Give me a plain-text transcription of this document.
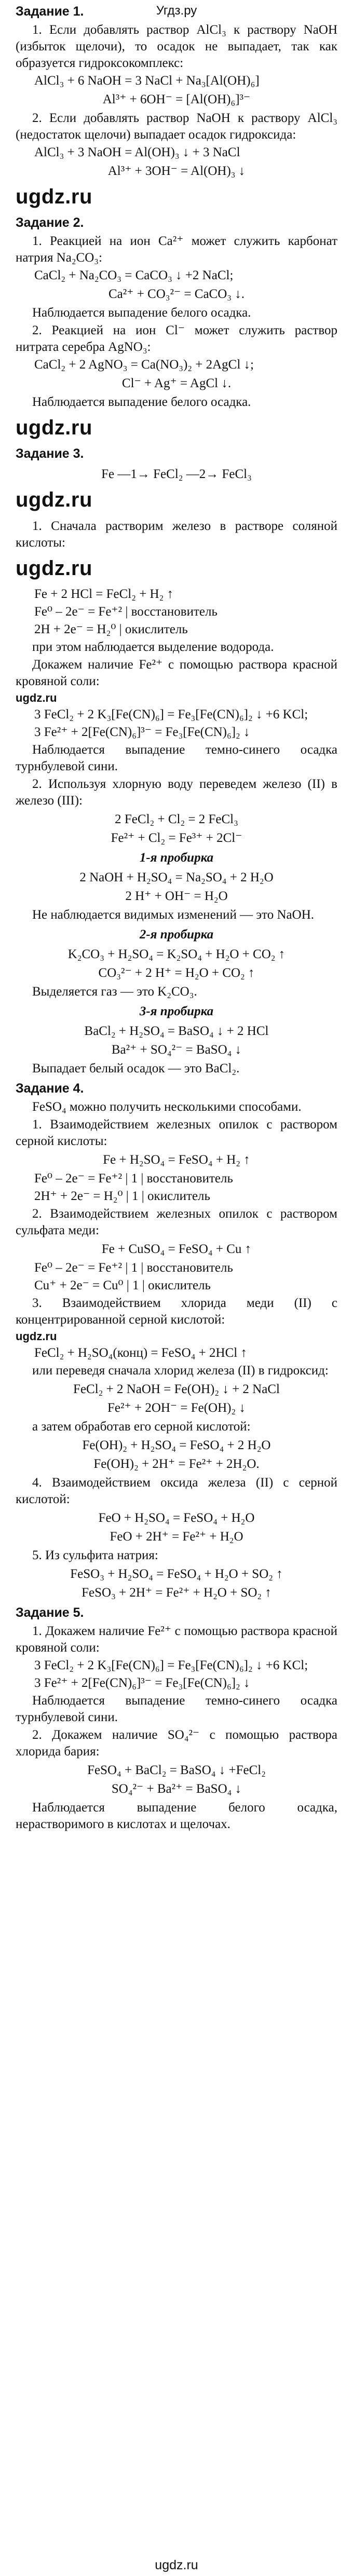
Угдз.ру
Задание 1.
1. Если добавлять раствор AlCl₃ к раствору NaOH (избыток щелочи), то осадок не выпадает, так как образуется гидроксокомплекс:
AlCl₃ + 6 NaOH = 3 NaCl + Na₃[Al(OH)₆]
Al³⁺ + 6OH⁻ = [Al(OH)₆]³⁻
2. Если добавлять раствор NaOH к раствору AlCl₃ (недостаток щелочи) выпадает осадок гидроксида:
AlCl₃ + 3 NaOH = Al(OH)₃ ↓ + 3 NaCl
Al³⁺ + 3OH⁻ = Al(OH)₃ ↓
ugdz.ru
Задание 2.
1. Реакцией на ион Ca²⁺ может служить карбонат натрия Na₂CO₃:
CaCl₂ + Na₂CO₃ = CaCO₃ ↓ +2 NaCl;
Ca²⁺ + CO₃²⁻ = CaCO₃ ↓.
Наблюдается выпадение белого осадка.
2. Реакцией на ион Cl⁻ может служить раствор нитрата серебра AgNO₃:
CaCl₂ + 2 AgNO₃ = Ca(NO₃)₂ + 2AgCl ↓;
Cl⁻ + Ag⁺ = AgCl ↓.
Наблюдается выпадение белого осадка.
ugdz.ru
Задание 3.
Fe —1→ FeCl₂ —2→ FeCl₃
ugdz.ru
1. Сначала растворим железо в растворе соляной кислоты:
ugdz.ru
Fe + 2 HCl = FeCl₂ + H₂ ↑
Fe⁰ – 2e⁻ = Fe⁺² | восстановитель
2H + 2e⁻ = H₂⁰ | окислитель
при этом наблюдается выделение водорода.
Докажем наличие Fe²⁺ с помощью раствора красной кровяной соли:
ugdz.ru
3 FeCl₂ + 2 K₃[Fe(CN)₆] = Fe₃[Fe(CN)₆]₂ ↓ +6 KCl;
3 Fe²⁺ + 2[Fe(CN)₆]³⁻ = Fe₃[Fe(CN)₆]₂ ↓
Наблюдается выпадение темно-синего осадка турнбулевой сини.
2. Используя хлорную воду переведем железо (II) в железо (III):
2 FeCl₂ + Cl₂ = 2 FeCl₃
Fe²⁺ + Cl₂ = Fe³⁺ + 2Cl⁻
1-я пробирка
2 NaOH + H₂SO₄ = Na₂SO₄ + 2 H₂O
2 H⁺ + OH⁻ = H₂O
Не наблюдается видимых изменений — это NaOH.
2-я пробирка
K₂CO₃ + H₂SO₄ = K₂SO₄ + H₂O + CO₂ ↑
CO₃²⁻ + 2 H⁺ = H₂O + CO₂ ↑
Выделяется газ — это K₂CO₃.
3-я пробирка
BaCl₂ + H₂SO₄ = BaSO₄ ↓ + 2 HCl
Ba²⁺ + SO₄²⁻ = BaSO₄ ↓
Выпадает белый осадок — это BaCl₂.
Задание 4.
FeSO₄ можно получить несколькими способами.
1. Взаимодействием железных опилок с раствором серной кислоты:
Fe + H₂SO₄ = FeSO₄ + H₂ ↑
Fe⁰ – 2e⁻ = Fe⁺² | 1 | восстановитель
2H⁺ + 2e⁻ = H₂⁰ | 1 | окислитель
2. Взаимодействием железных опилок с раствором сульфата меди:
Fe + CuSO₄ = FeSO₄ + Cu ↑
Fe⁰ – 2e⁻ = Fe⁺² | 1 | восстановитель
Cu⁺ + 2e⁻ = Cu⁰ | 1 | окислитель
3. Взаимодействием хлорида меди (II) с концентрированной серной кислотой:
ugdz.ru
FeCl₂ + H₂SO₄(конц) = FeSO₄ + 2HCl ↑
или переведя сначала хлорид железа (II) в гидроксид:
FeCl₂ + 2 NaOH = Fe(OH)₂ ↓ + 2 NaCl
Fe²⁺ + 2OH⁻ = Fe(OH)₂ ↓
а затем обработав его серной кислотой:
Fe(OH)₂ + H₂SO₄ = FeSO₄ + 2 H₂O
Fe(OH)₂ + 2H⁺ = Fe²⁺ + 2H₂O.
4. Взаимодействием оксида железа (II) с серной кислотой:
FeO + H₂SO₄ = FeSO₄ + H₂O
FeO + 2H⁺ = Fe²⁺ + H₂O
5. Из сульфита натрия:
FeSO₃ + H₂SO₄ = FeSO₄ + H₂O + SO₂ ↑
FeSO₃ + 2H⁺ = Fe²⁺ + H₂O + SO₂ ↑
Задание 5.
1. Докажем наличие Fe²⁺ с помощью раствора красной кровяной соли:
3 FeCl₂ + 2 K₃[Fe(CN)₆] = Fe₃[Fe(CN)₆]₂ ↓ +6 KCl;
3 Fe²⁺ + 2[Fe(CN)₆]³⁻ = Fe₃[Fe(CN)₆]₂ ↓
Наблюдается выпадение темно-синего осадка турнбулевой сини.
2. Докажем наличие SO₄²⁻ с помощью раствора хлорида бария:
FeSO₄ + BaCl₂ = BaSO₄ ↓ +FeCl₂
SO₄²⁻ + Ba²⁺ = BaSO₄ ↓
Наблюдается выпадение белого осадка, нерастворимого в кислотах и щелочах.
ugdz.ru
